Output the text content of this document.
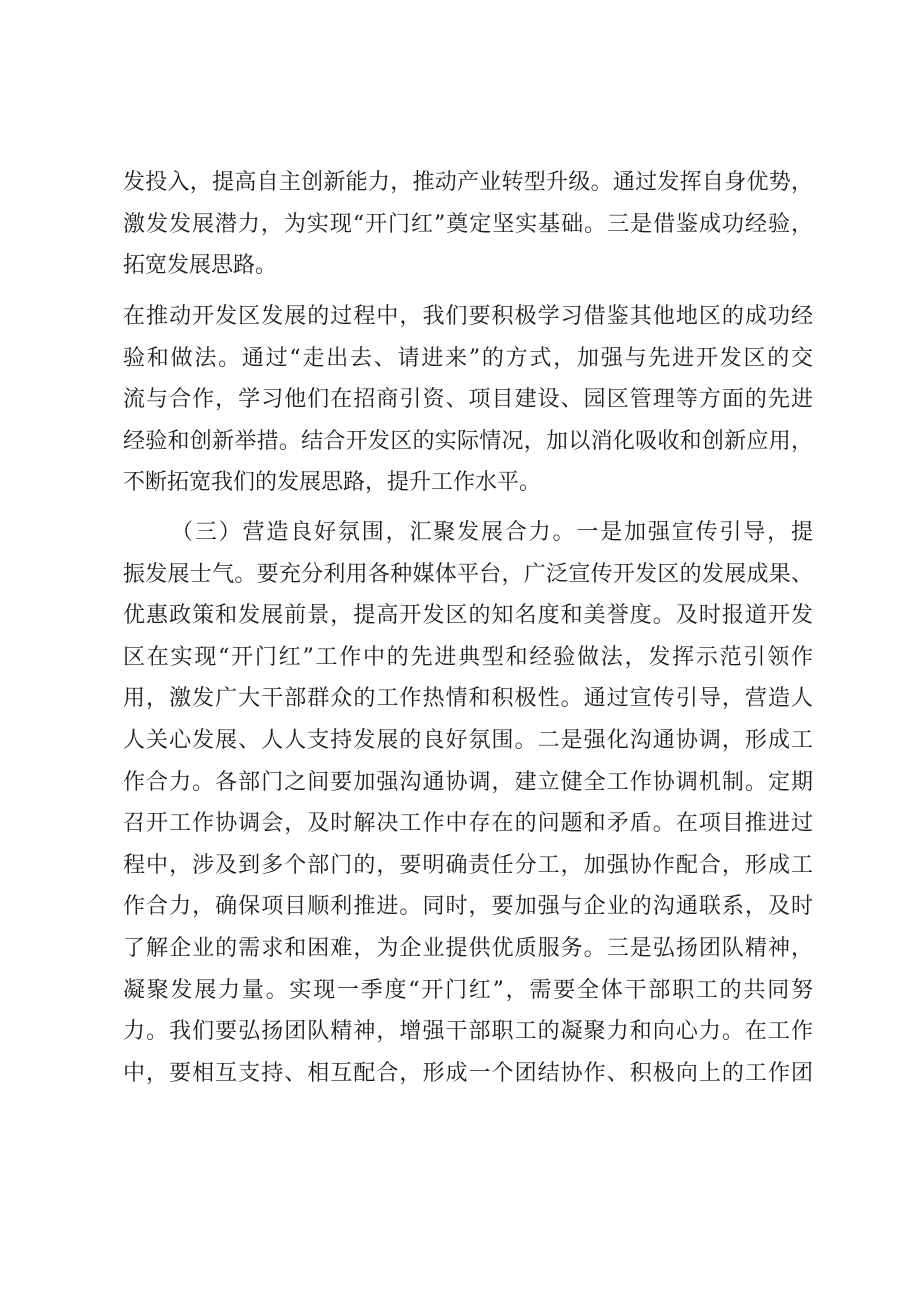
发投入，提高自主创新能力，推动产业转型升级。通过发挥自身优势，
激发发展潜力，为实现“开门红”奠定坚实基础。三是借鉴成功经验，
拓宽发展思路。
在推动开发区发展的过程中，我们要积极学习借鉴其他地区的成功经
验和做法。通过“走出去、请进来”的方式，加强与先进开发区的交
流与合作，学习他们在招商引资、项目建设、园区管理等方面的先进
经验和创新举措。结合开发区的实际情况，加以消化吸收和创新应用，
不断拓宽我们的发展思路，提升工作水平。
（三）营造良好氛围，汇聚发展合力。一是加强宣传引导，提
振发展士气。要充分利用各种媒体平台，广泛宣传开发区的发展成果、
优惠政策和发展前景，提高开发区的知名度和美誉度。及时报道开发
区在实现“开门红”工作中的先进典型和经验做法，发挥示范引领作
用，激发广大干部群众的工作热情和积极性。通过宣传引导，营造人
人关心发展、人人支持发展的良好氛围。二是强化沟通协调，形成工
作合力。各部门之间要加强沟通协调，建立健全工作协调机制。定期
召开工作协调会，及时解决工作中存在的问题和矛盾。在项目推进过
程中，涉及到多个部门的，要明确责任分工，加强协作配合，形成工
作合力，确保项目顺利推进。同时，要加强与企业的沟通联系，及时
了解企业的需求和困难，为企业提供优质服务。三是弘扬团队精神，
凝聚发展力量。实现一季度“开门红”，需要全体干部职工的共同努
力。我们要弘扬团队精神，增强干部职工的凝聚力和向心力。在工作
中，要相互支持、相互配合，形成一个团结协作、积极向上的工作团
